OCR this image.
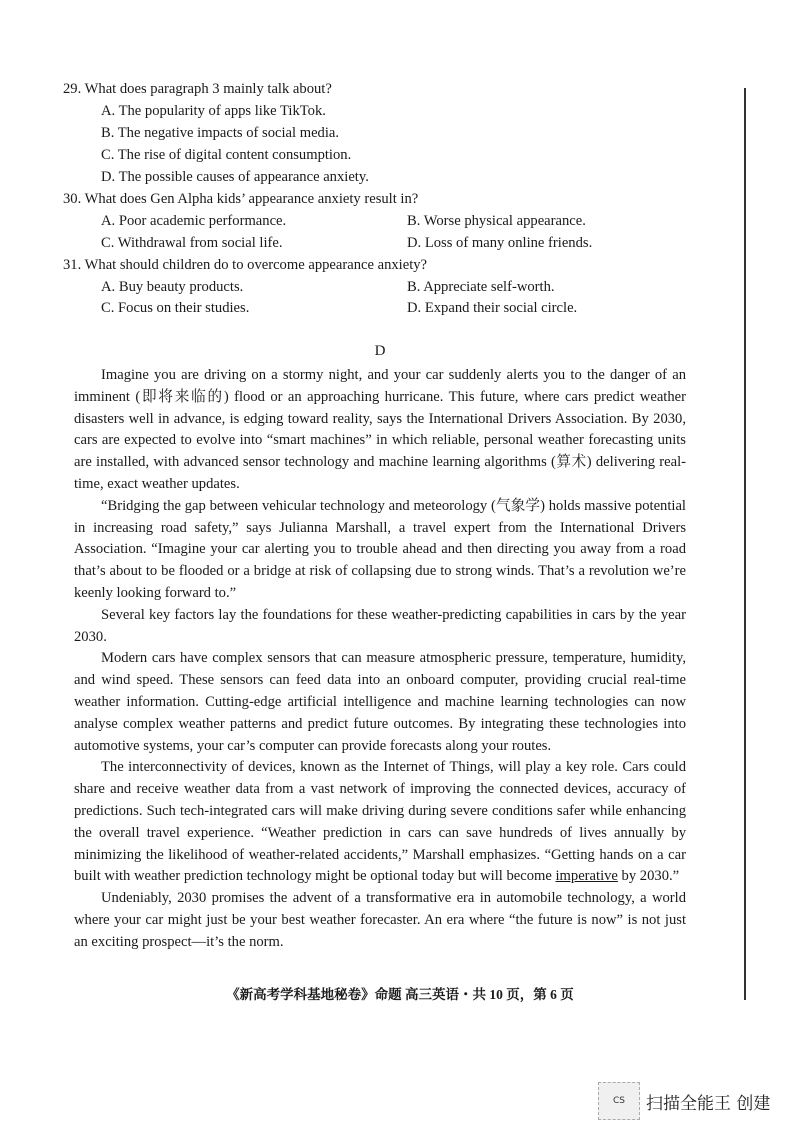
29. What does paragraph 3 mainly talk about?
A. The popularity of apps like TikTok.
B. The negative impacts of social media.
C. The rise of digital content consumption.
D. The possible causes of appearance anxiety.
30. What does Gen Alpha kids’ appearance anxiety result in?
A. Poor academic performance.	B. Worse physical appearance.
C. Withdrawal from social life.	D. Loss of many online friends.
31. What should children do to overcome appearance anxiety?
A. Buy beauty products.	B. Appreciate self-worth.
C. Focus on their studies.	D. Expand their social circle.
D

Imagine you are driving on a stormy night, and your car suddenly alerts you to the danger of an imminent (即将来临的) flood or an approaching hurricane. This future, where cars predict weather disasters well in advance, is edging toward reality, says the International Drivers Association. By 2030, cars are expected to evolve into “smart machines” in which reliable, personal weather forecasting units are installed, with advanced sensor technology and machine learning algorithms (算术) delivering real-time, exact weather updates.

“Bridging the gap between vehicular technology and meteorology (气象学) holds massive potential in increasing road safety,” says Julianna Marshall, a travel expert from the International Drivers Association. “Imagine your car alerting you to trouble ahead and then directing you away from a road that’s about to be flooded or a bridge at risk of collapsing due to strong winds. That’s a revolution we’re keenly looking forward to.”

Several key factors lay the foundations for these weather-predicting capabilities in cars by the year 2030.

Modern cars have complex sensors that can measure atmospheric pressure, temperature, humidity, and wind speed. These sensors can feed data into an onboard computer, providing crucial real-time weather information. Cutting-edge artificial intelligence and machine learning technologies can now analyse complex weather patterns and predict future outcomes. By integrating these technologies into automotive systems, your car’s computer can provide forecasts along your routes.

The interconnectivity of devices, known as the Internet of Things, will play a key role. Cars could share and receive weather data from a vast network of improving the connected devices, accuracy of predictions. Such tech-integrated cars will make driving during severe conditions safer while enhancing the overall travel experience. “Weather prediction in cars can save hundreds of lives annually by minimizing the likelihood of weather-related accidents,” Marshall emphasizes. “Getting hands on a car built with weather prediction technology might be optional today but will become imperative by 2030.”

Undeniably, 2030 promises the advent of a transformative era in automobile technology, a world where your car might just be your best weather forecaster. An era where “the future is now” is not just an exciting prospect—it’s the norm.

《新高考学科基地秘卷》命题 高三英语・共 10 页，第 6 页
CS	扫描全能王 创建
